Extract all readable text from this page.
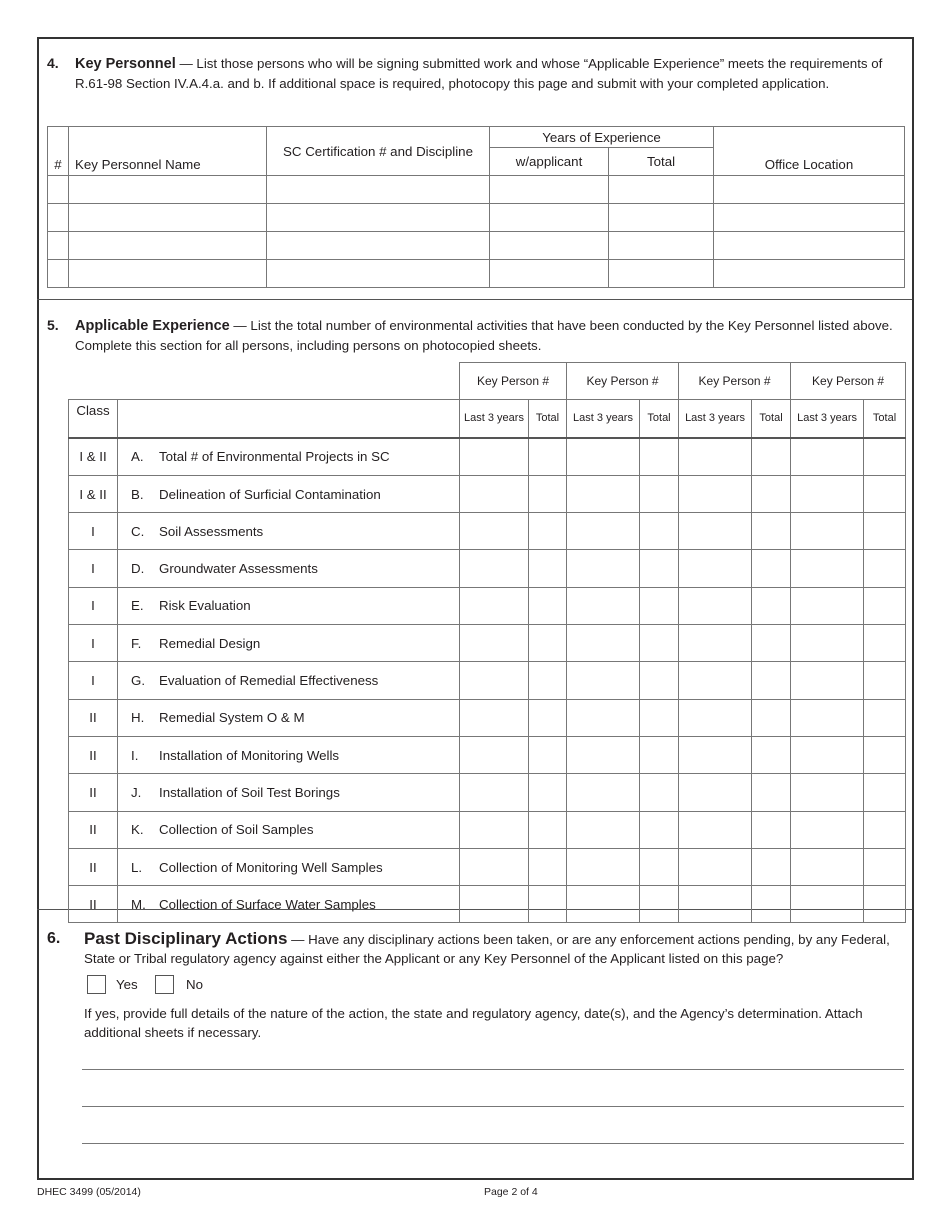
4. Key Personnel — List those persons who will be signing submitted work and whose “Applicable Experience” meets the requirements of R.61-98 Section IV.A.4.a. and b. If additional space is required, photocopy this page and submit with your completed application.
#	Key Personnel Name	SC Certification # and Discipline	Years of Experience		Office Location
			w/applicant	Total	

5. Applicable Experience — List the total number of environmental activities that have been conducted by the Key Personnel listed above. Complete this section for all persons, including persons on photocopied sheets.
		Key Person #		Key Person #		Key Person #		Key Person #	
Class		Last 3 years	Total	Last 3 years	Total	Last 3 years	Total	Last 3 years	Total
I & II	A. Total # of Environmental Projects in SC								
I & II	B. Delineation of Surficial Contamination								
I	C. Soil Assessments								
I	D. Groundwater Assessments								
I	E. Risk Evaluation								
I	F. Remedial Design								
I	G. Evaluation of Remedial Effectiveness								
II	H. Remedial System O & M								
II	I. Installation of Monitoring Wells								
II	J. Installation of Soil Test Borings								
II	K. Collection of Soil Samples								
II	L. Collection of Monitoring Well Samples								
II	M. Collection of Surface Water Samples								
6. Past Disciplinary Actions — Have any disciplinary actions been taken, or are any enforcement actions pending, by any Federal, State or Tribal regulatory agency against either the Applicant or any Key Personnel of the Applicant listed on this page?
Yes	No
If yes, provide full details of the nature of the action, the state and regulatory agency, date(s), and the Agency’s determination. Attach additional sheets if necessary.
DHEC 3499 (05/2014)	Page 2 of 4
